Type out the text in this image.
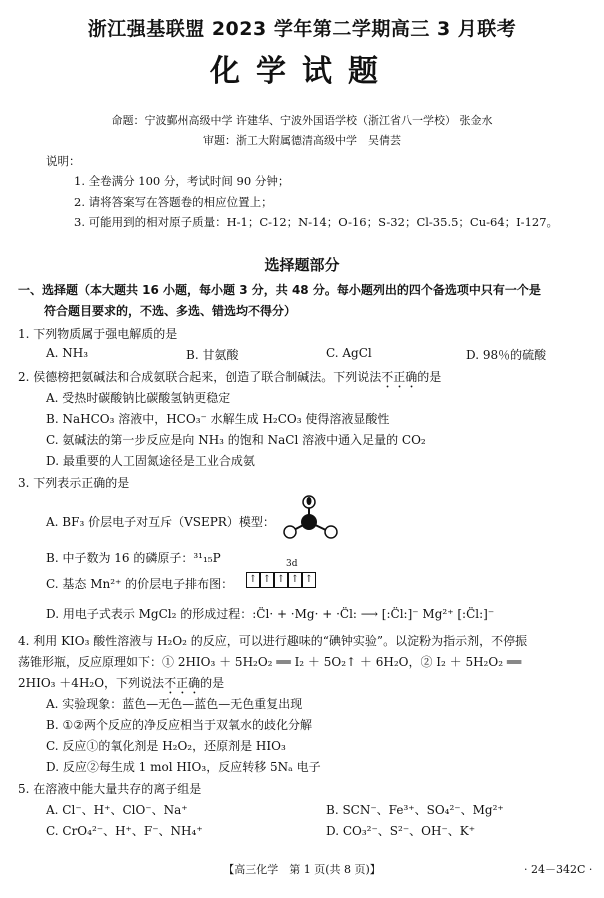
浙江强基联盟 2023 学年第二学期高三 3 月联考
化学试题
命题：宁波鄞州高级中学 许建华、宁波外国语学校（浙江省八一学校） 张金水
审题：浙工大附属德清高级中学　吴倩芸
说明：
1. 全卷满分 100 分，考试时间 90 分钟；
2. 请将答案写在答题卷的相应位置上；
3. 可能用到的相对原子质量：H-1；C-12；N-14；O-16；S-32；Cl-35.5；Cu-64；I-127。
选择题部分
一、选择题（本大题共 16 小题，每小题 3 分，共 48 分。每小题列出的四个备选项中只有一个是
符合题目要求的，不选、多选、错选均不得分）
1. 下列物质属于强电解质的是
A. NH₃	B. 甘氨酸	C. AgCl	D. 98％的硫酸
2. 侯德榜把氨碱法和合成氨联合起来，创造了联合制碱法。下列说法不正确的是
A. 受热时碳酸钠比碳酸氢钠更稳定
B. NaHCO₃ 溶液中，HCO₃⁻ 水解生成 H₂CO₃ 使得溶液显酸性
C. 氨碱法的第一步反应是向 NH₃ 的饱和 NaCl 溶液中通入足量的 CO₂
D. 最重要的人工固氮途径是工业合成氨
3. 下列表示正确的是
A. BF₃ 价层电子对互斥（VSEPR）模型：
B. 中子数为 16 的磷原子：³¹₁₅P
C. 基态 Mn²⁺ 的价层电子排布图：
3d
↑ ↑ ↑ ↑ ↑
D. 用电子式表示 MgCl₂ 的形成过程：:C̈l· + ·Mg· + ·C̈l: ⟶ [:C̈l:]⁻ Mg²⁺ [:C̈l:]⁻
4. 利用 KIO₃ 酸性溶液与 H₂O₂ 的反应，可以进行趣味的“碘钟实验”。以淀粉为指示剂，不停振
荡锥形瓶，反应原理如下：① 2HIO₃ ＋ 5H₂O₂ ══ I₂ ＋ 5O₂↑ ＋ 6H₂O，② I₂ ＋ 5H₂O₂ ══
2HIO₃ ＋4H₂O，下列说法不正确的是
A. 实验现象：蓝色—无色—蓝色—无色重复出现
B. ①②两个反应的净反应相当于双氧水的歧化分解
C. 反应①的氧化剂是 H₂O₂，还原剂是 HIO₃
D. 反应②每生成 1 mol HIO₃，反应转移 5Nₐ 电子
5. 在溶液中能大量共存的离子组是
A. Cl⁻、H⁺、ClO⁻、Na⁺	B. SCN⁻、Fe³⁺、SO₄²⁻、Mg²⁺
C. CrO₄²⁻、H⁺、F⁻、NH₄⁺	D. CO₃²⁻、S²⁻、OH⁻、K⁺
【高三化学　第 1 页(共 8 页)】	· 24－342C ·
